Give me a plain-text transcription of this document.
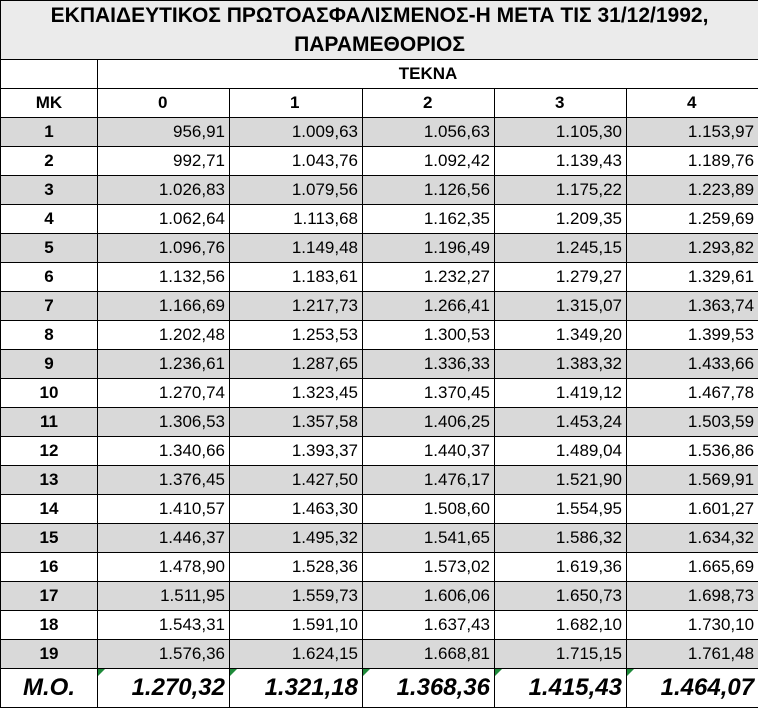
ΕΚΠΑΙΔΕΥΤΙΚΟΣ ΠΡΩΤΟΑΣΦΑΛΙΣΜΕΝΟΣ-Η ΜΕΤΑ ΤΙΣ 31/12/1992,					
ΠΑΡΑΜΕΘΟΡΙΟΣ					
	ΤΕΚΝΑ				
ΜΚ	0	1	2	3	4
1	956,91	1.009,63	1.056,63	1.105,30	1.153,97
2	992,71	1.043,76	1.092,42	1.139,43	1.189,76
3	1.026,83	1.079,56	1.126,56	1.175,22	1.223,89
4	1.062,64	1.113,68	1.162,35	1.209,35	1.259,69
5	1.096,76	1.149,48	1.196,49	1.245,15	1.293,82
6	1.132,56	1.183,61	1.232,27	1.279,27	1.329,61
7	1.166,69	1.217,73	1.266,41	1.315,07	1.363,74
8	1.202,48	1.253,53	1.300,53	1.349,20	1.399,53
9	1.236,61	1.287,65	1.336,33	1.383,32	1.433,66
10	1.270,74	1.323,45	1.370,45	1.419,12	1.467,78
11	1.306,53	1.357,58	1.406,25	1.453,24	1.503,59
12	1.340,66	1.393,37	1.440,37	1.489,04	1.536,86
13	1.376,45	1.427,50	1.476,17	1.521,90	1.569,91
14	1.410,57	1.463,30	1.508,60	1.554,95	1.601,27
15	1.446,37	1.495,32	1.541,65	1.586,32	1.634,32
16	1.478,90	1.528,36	1.573,02	1.619,36	1.665,69
17	1.511,95	1.559,73	1.606,06	1.650,73	1.698,73
18	1.543,31	1.591,10	1.637,43	1.682,10	1.730,10
19	1.576,36	1.624,15	1.668,81	1.715,15	1.761,48
Μ.Ο.	1.270,32	1.321,18	1.368,36	1.415,43	1.464,07
